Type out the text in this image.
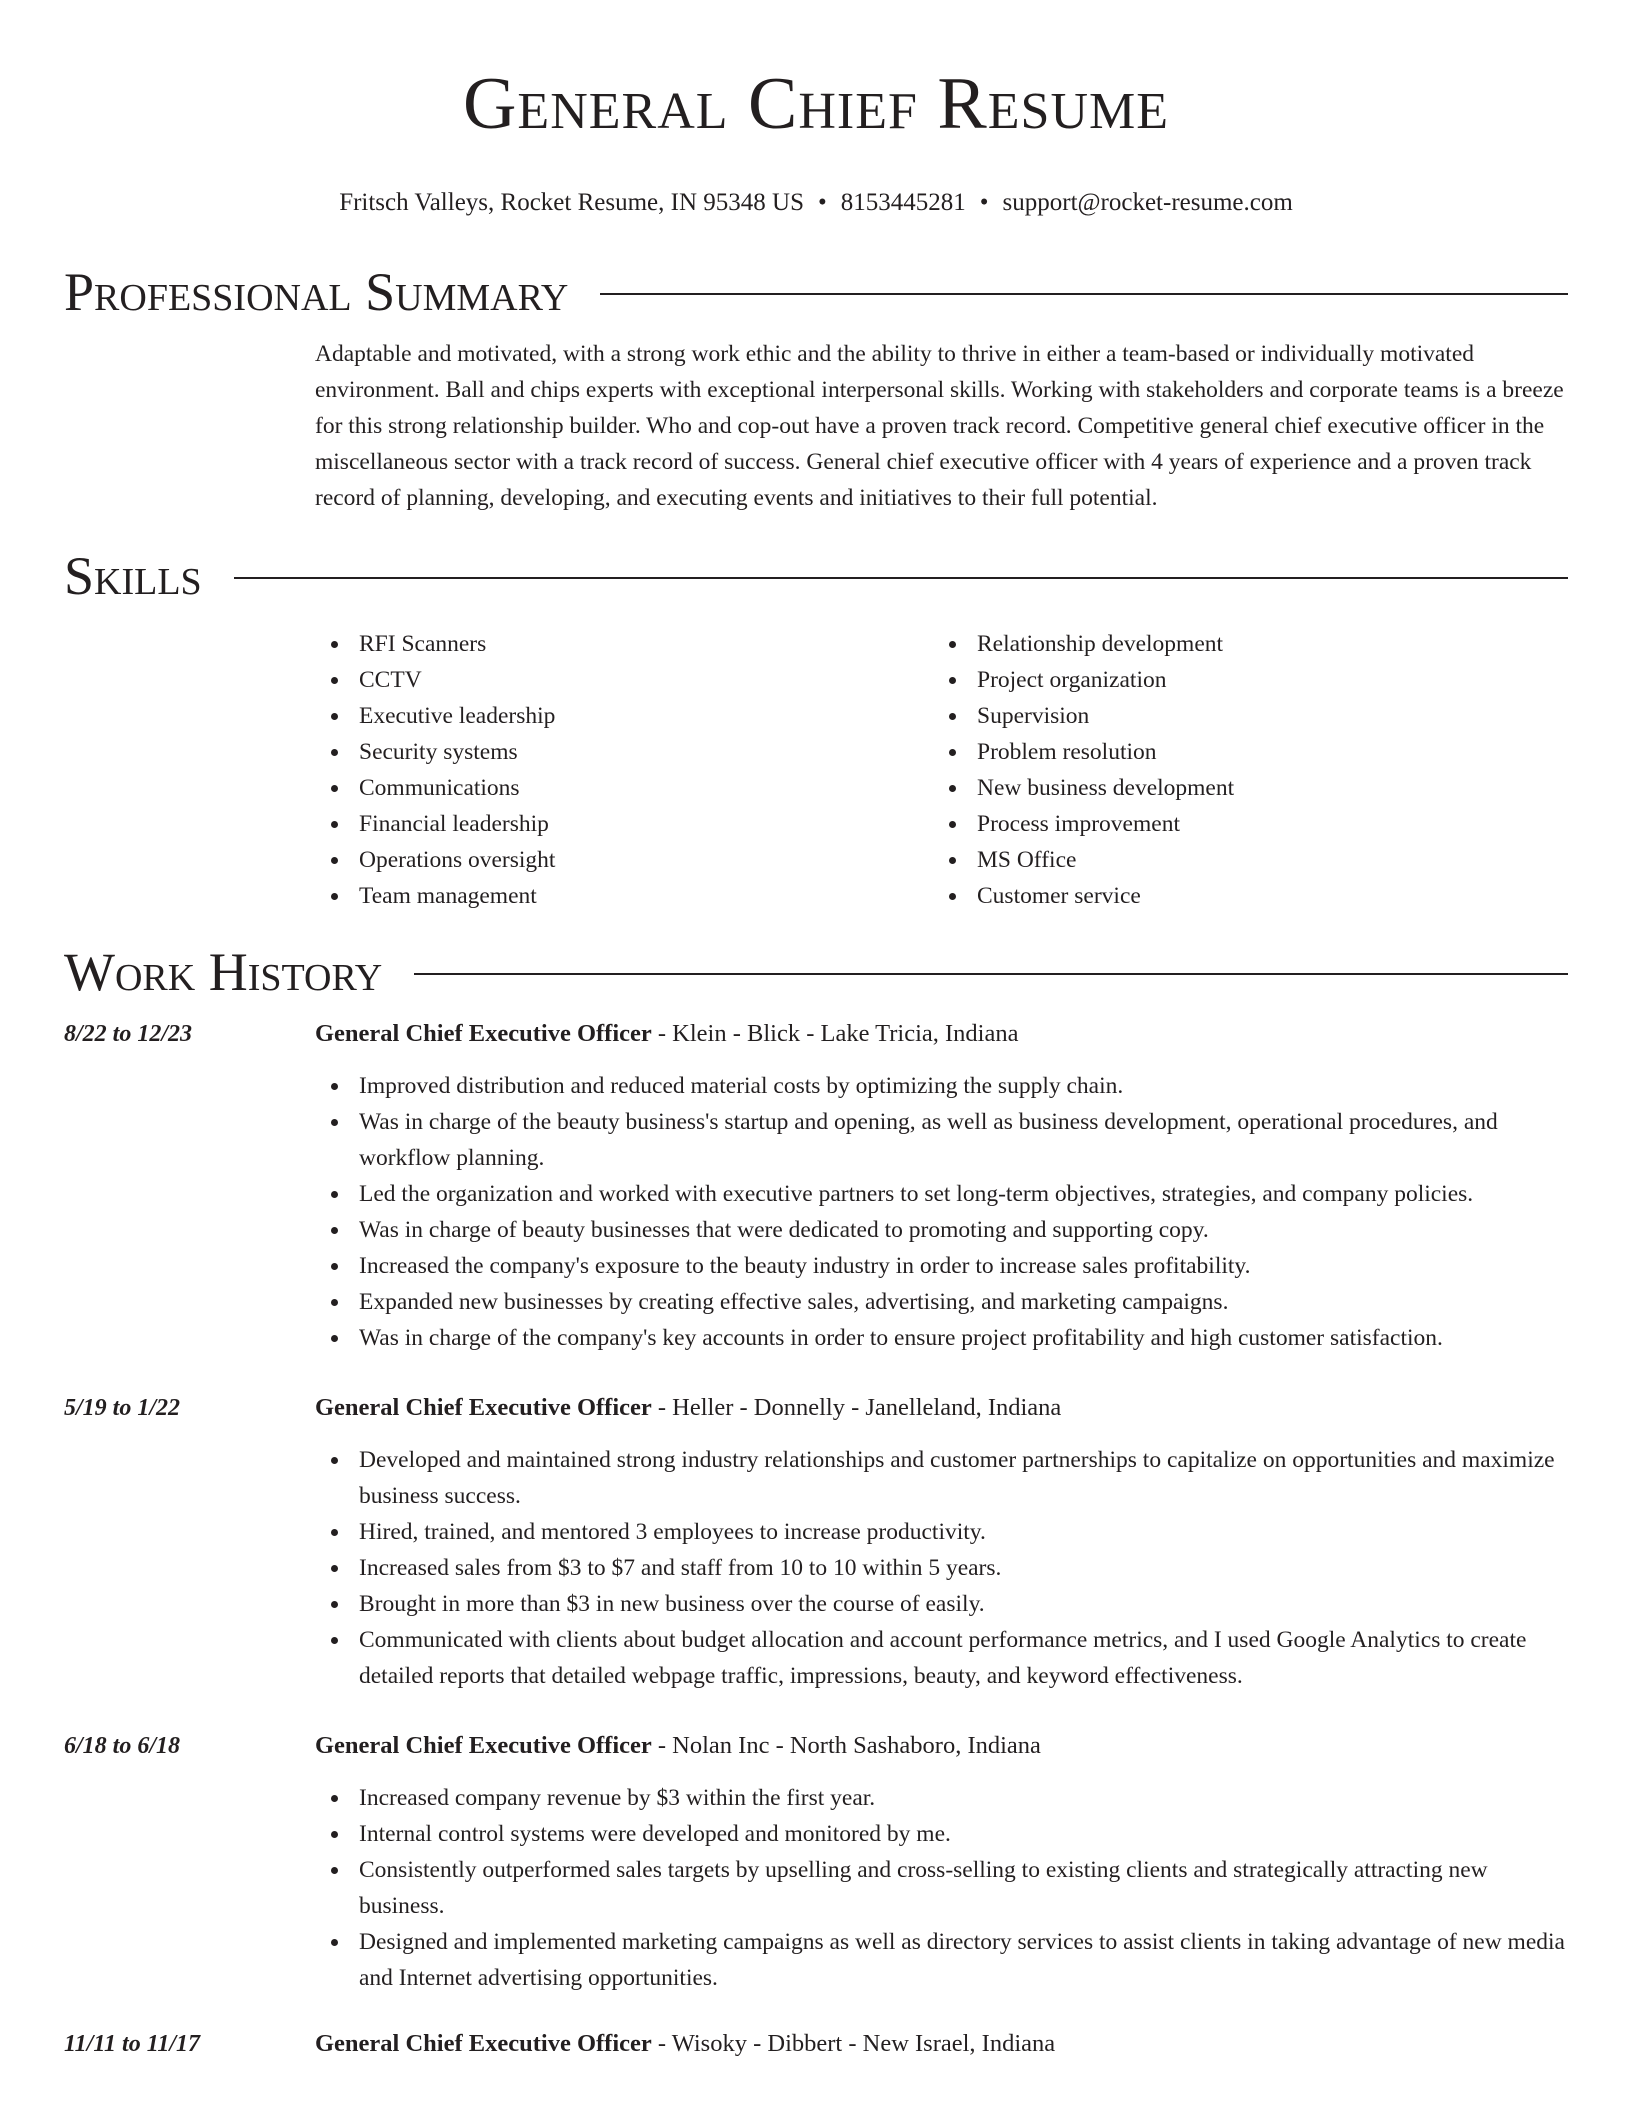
General Chief Resume
Fritsch Valleys, Rocket Resume, IN 95348 US • 8153445281 • support@rocket-resume.com
Professional Summary

Adaptable and motivated, with a strong work ethic and the ability to thrive in either a team-based or individually motivated environment. Ball and chips experts with exceptional interpersonal skills. Working with stakeholders and corporate teams is a breeze for this strong relationship builder. Who and cop-out have a proven track record. Competitive general chief executive officer in the miscellaneous sector with a track record of success. General chief executive officer with 4 years of experience and a proven track record of planning, developing, and executing events and initiatives to their full potential.

Skills
RFI Scanners
CCTV
Executive leadership
Security systems
Communications
Financial leadership
Operations oversight
Team management
Relationship development
Project organization
Supervision
Problem resolution
New business development
Process improvement
MS Office
Customer service
Work History
8/22 to 12/23	General Chief Executive Officer - Klein - Blick - Lake Tricia, Indiana
Improved distribution and reduced material costs by optimizing the supply chain.
Was in charge of the beauty business's startup and opening, as well as business development, operational procedures, and workflow planning.
Led the organization and worked with executive partners to set long-term objectives, strategies, and company policies.
Was in charge of beauty businesses that were dedicated to promoting and supporting copy.
Increased the company's exposure to the beauty industry in order to increase sales profitability.
Expanded new businesses by creating effective sales, advertising, and marketing campaigns.
Was in charge of the company's key accounts in order to ensure project profitability and high customer satisfaction.
5/19 to 1/22	General Chief Executive Officer - Heller - Donnelly - Janelleland, Indiana
Developed and maintained strong industry relationships and customer partnerships to capitalize on opportunities and maximize business success.
Hired, trained, and mentored 3 employees to increase productivity.
Increased sales from $3 to $7 and staff from 10 to 10 within 5 years.
Brought in more than $3 in new business over the course of easily.
Communicated with clients about budget allocation and account performance metrics, and I used Google Analytics to create detailed reports that detailed webpage traffic, impressions, beauty, and keyword effectiveness.
6/18 to 6/18	General Chief Executive Officer - Nolan Inc - North Sashaboro, Indiana
Increased company revenue by $3 within the first year.
Internal control systems were developed and monitored by me.
Consistently outperformed sales targets by upselling and cross-selling to existing clients and strategically attracting new business.
Designed and implemented marketing campaigns as well as directory services to assist clients in taking advantage of new media and Internet advertising opportunities.
11/11 to 11/17	General Chief Executive Officer - Wisoky - Dibbert - New Israel, Indiana
